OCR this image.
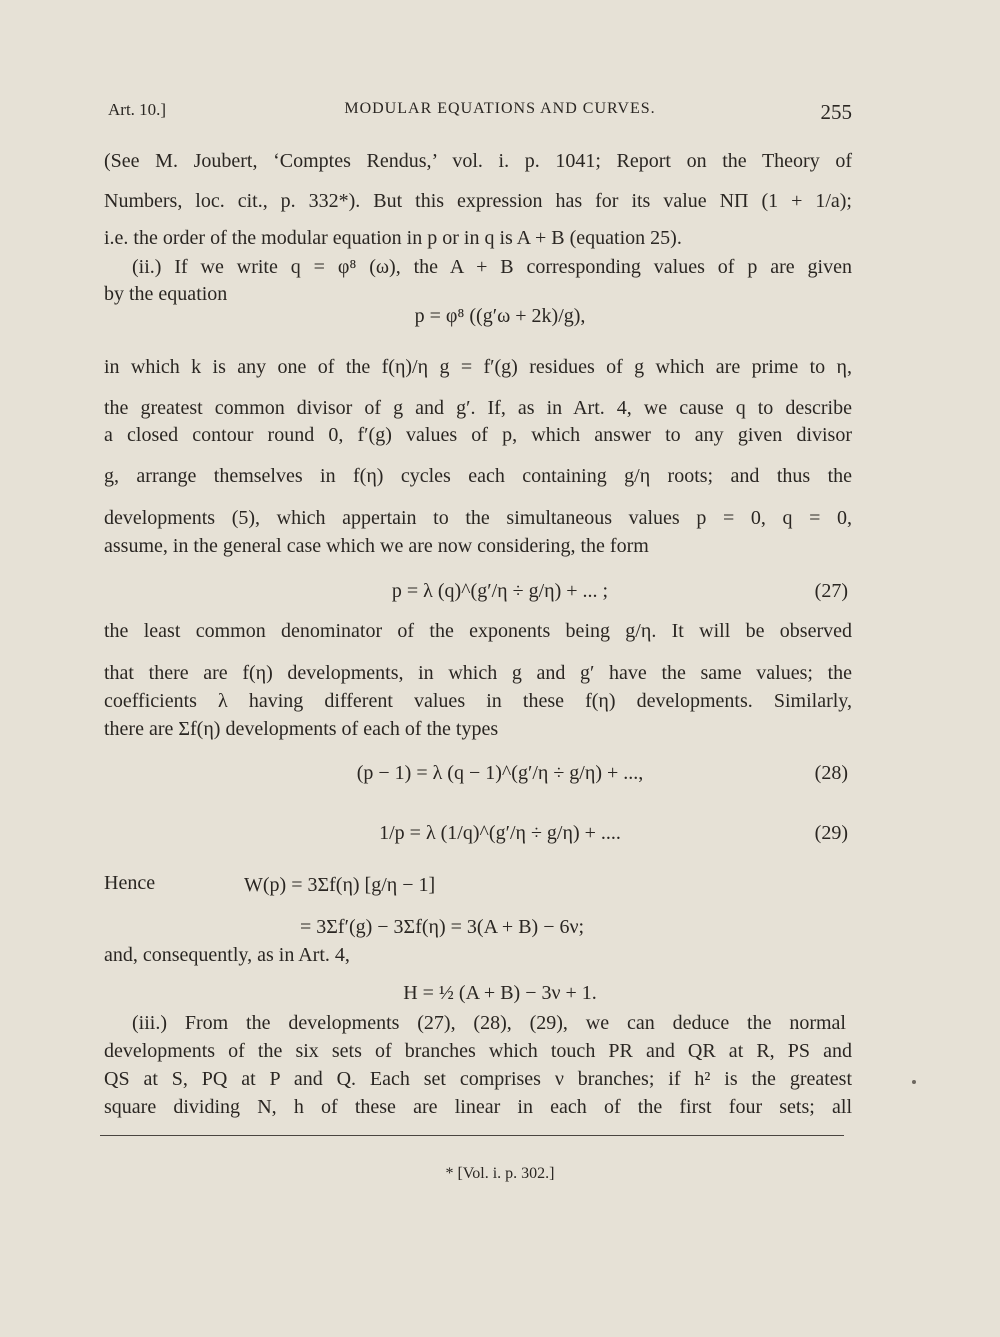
Art. 10.]	MODULAR EQUATIONS AND CURVES.	255
(See M. Joubert, ‘Comptes Rendus,’ vol. i. p. 1041; Report on the Theory of
Numbers, loc. cit., p. 332*). But this expression has for its value NΠ (1 + 1/a);
i.e. the order of the modular equation in p or in q is A + B (equation 25).
(ii.) If we write q = φ⁸ (ω), the A + B corresponding values of p are given
by the equation
p = φ⁸ ((g′ω + 2k)/g),
in which k is any one of the f(η)/η g = f′(g) residues of g which are prime to η,
the greatest common divisor of g and g′. If, as in Art. 4, we cause q to describe
a closed contour round 0, f′(g) values of p, which answer to any given divisor
g, arrange themselves in f(η) cycles each containing g/η roots; and thus the
developments (5), which appertain to the simultaneous values p = 0, q = 0,
assume, in the general case which we are now considering, the form
p = λ (q)^(g′/η ÷ g/η) + ... ;	(27)
the least common denominator of the exponents being g/η. It will be observed
that there are f(η) developments, in which g and g′ have the same values; the
coefficients λ having different values in these f(η) developments. Similarly,
there are Σf(η) developments of each of the types
(p − 1) = λ (q − 1)^(g′/η ÷ g/η) + ...,	(28)
1/p = λ (1/q)^(g′/η ÷ g/η) + ....	(29)
Hence	W(p) = 3Σf(η) [g/η − 1]
= 3Σf′(g) − 3Σf(η) = 3(A + B) − 6ν;
and, consequently, as in Art. 4,
H = ½ (A + B) − 3ν + 1.
(iii.) From the developments (27), (28), (29), we can deduce the normal
developments of the six sets of branches which touch PR and QR at R, PS and
QS at S, PQ at P and Q. Each set comprises ν branches; if h² is the greatest
square dividing N, h of these are linear in each of the first four sets; all
* [Vol. i. p. 302.]
